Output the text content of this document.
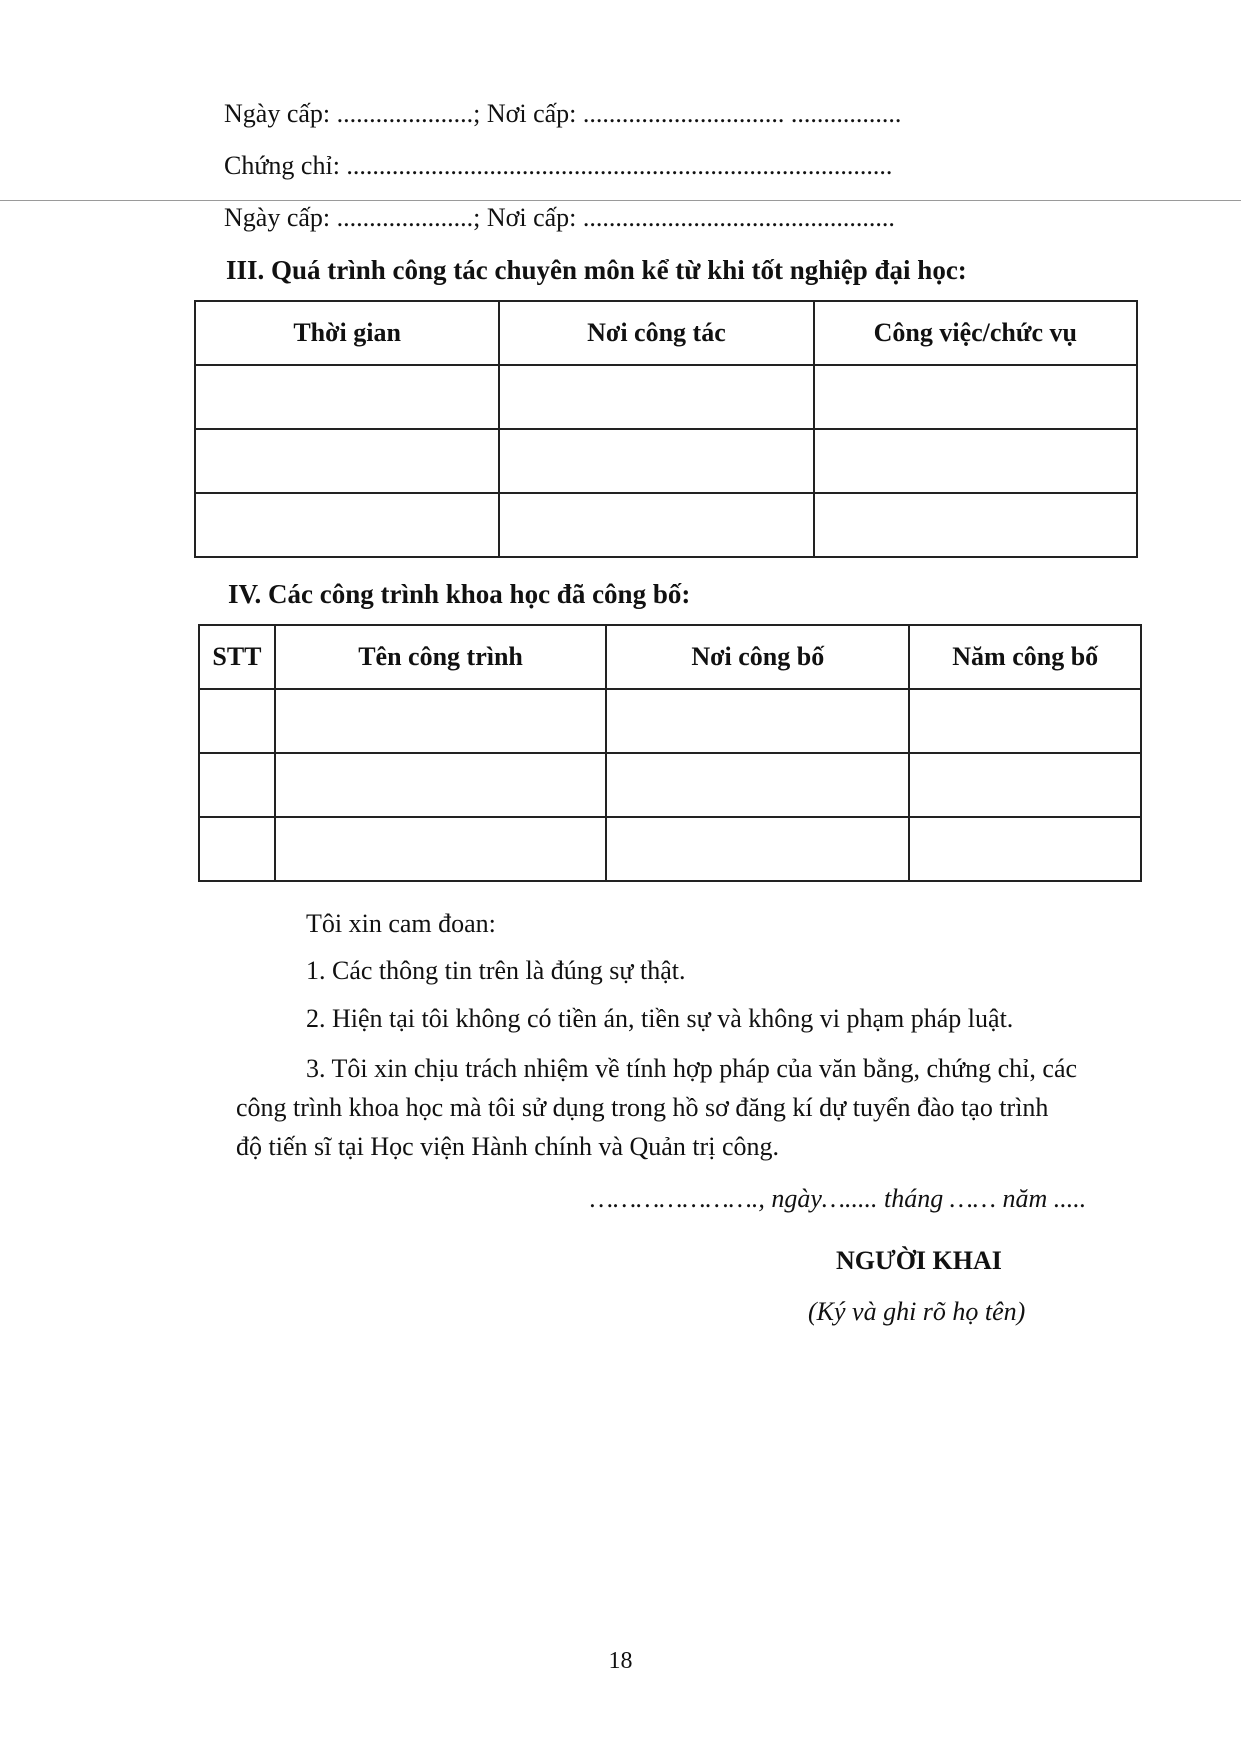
Ngày cấp: .....................; Nơi cấp: ............................... .................
Chứng chỉ: ....................................................................................
Ngày cấp: .....................; Nơi cấp: ................................................
III. Quá trình công tác chuyên môn kể từ khi tốt nghiệp đại học:
Thời gian	Nơi công tác	Công việc/chức vụ

IV. Các công trình khoa học đã công bố:
STT	Tên công trình	Nơi công bố	Năm công bố

Tôi xin cam đoan:
1. Các thông tin trên là đúng sự thật.
2. Hiện tại tôi không có tiền án, tiền sự và không vi phạm pháp luật.
3. Tôi xin chịu trách nhiệm về tính hợp pháp của văn bằng, chứng chỉ, các
công trình khoa học mà tôi sử dụng trong hồ sơ đăng kí dự tuyển đào tạo trình
độ tiến sĩ tại Học viện Hành chính và Quản trị công.
…………………., ngày…..... tháng …… năm .....
NGƯỜI KHAI
(Ký và ghi rõ họ tên)
18
